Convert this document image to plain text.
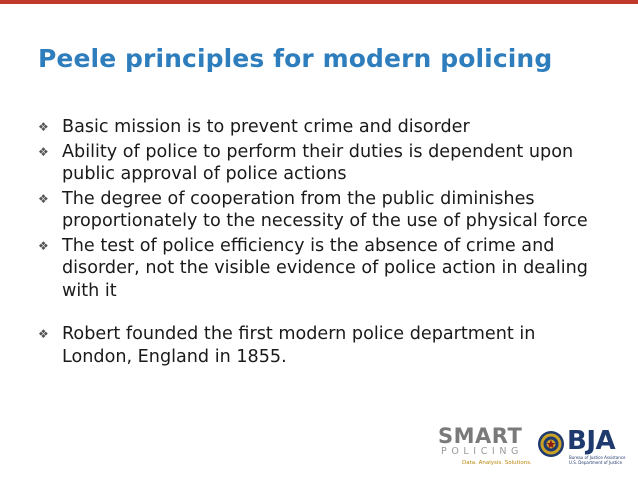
Peele principles for modern policing
❖ Basic mission is to prevent crime and disorder
❖ Ability of police to perform their duties is dependent upon public approval of police actions
❖ The degree of cooperation from the public diminishes proportionately to the necessity of the use of physical force
❖ The test of police efficiency is the absence of crime and disorder, not the visible evidence of police action in dealing with it
❖ Robert founded the first modern police department in London, England in 1855.
SMART
POLICING
Data. Analysis. Solutions.
BJA
Bureau of Justice Assistance
U.S. Department of Justice
